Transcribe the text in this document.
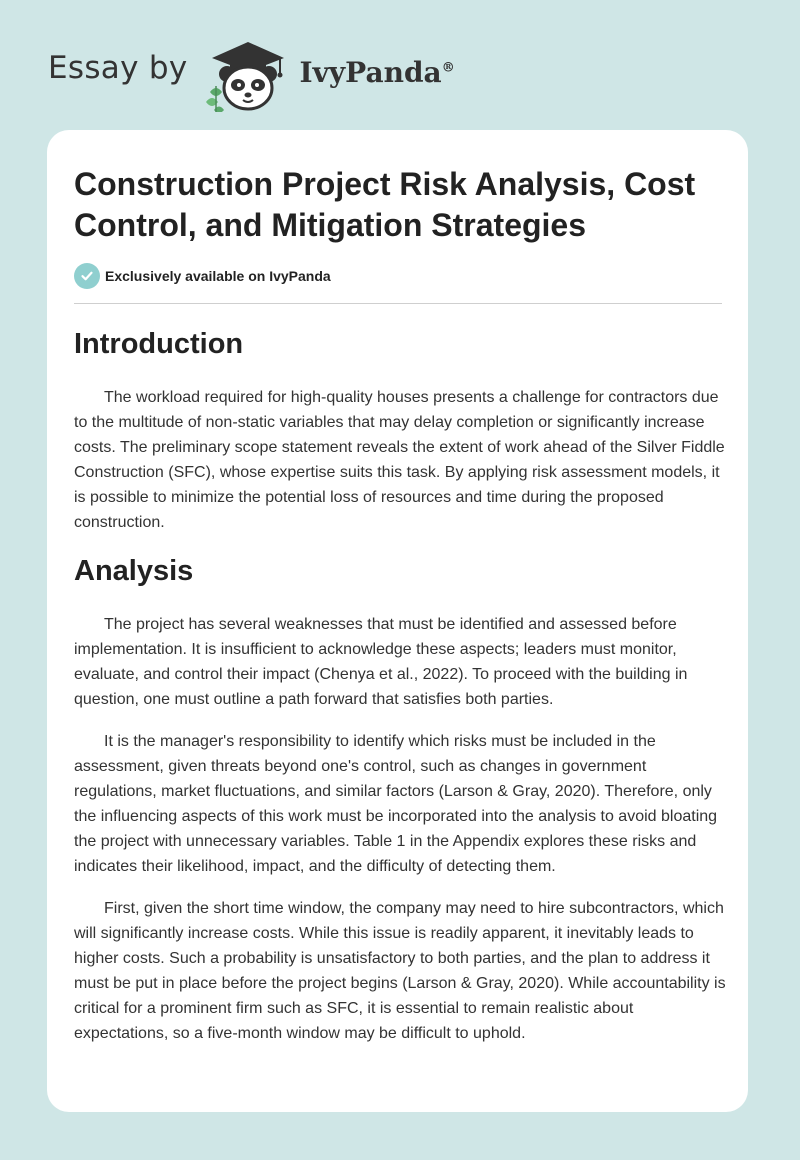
Essay by	IvyPanda®
Construction Project Risk Analysis, Cost Control, and Mitigation Strategies
Exclusively available on IvyPanda
Introduction

The workload required for high-quality houses presents a challenge for contractors due to the multitude of non-static variables that may delay completion or significantly increase costs. The preliminary scope statement reveals the extent of work ahead of the Silver Fiddle Construction (SFC), whose expertise suits this task. By applying risk assessment models, it is possible to minimize the potential loss of resources and time during the proposed construction.

Analysis

The project has several weaknesses that must be identified and assessed before implementation. It is insufficient to acknowledge these aspects; leaders must monitor, evaluate, and control their impact (Chenya et al., 2022). To proceed with the building in question, one must outline a path forward that satisfies both parties.

It is the manager's responsibility to identify which risks must be included in the assessment, given threats beyond one's control, such as changes in government regulations, market fluctuations, and similar factors (Larson & Gray, 2020). Therefore, only the influencing aspects of this work must be incorporated into the analysis to avoid bloating the project with unnecessary variables. Table 1 in the Appendix explores these risks and indicates their likelihood, impact, and the difficulty of detecting them.

First, given the short time window, the company may need to hire subcontractors, which will significantly increase costs. While this issue is readily apparent, it inevitably leads to higher costs. Such a probability is unsatisfactory to both parties, and the plan to address it must be put in place before the project begins (Larson & Gray, 2020). While accountability is critical for a prominent firm such as SFC, it is essential to remain realistic about expectations, so a five-month window may be difficult to uphold.
